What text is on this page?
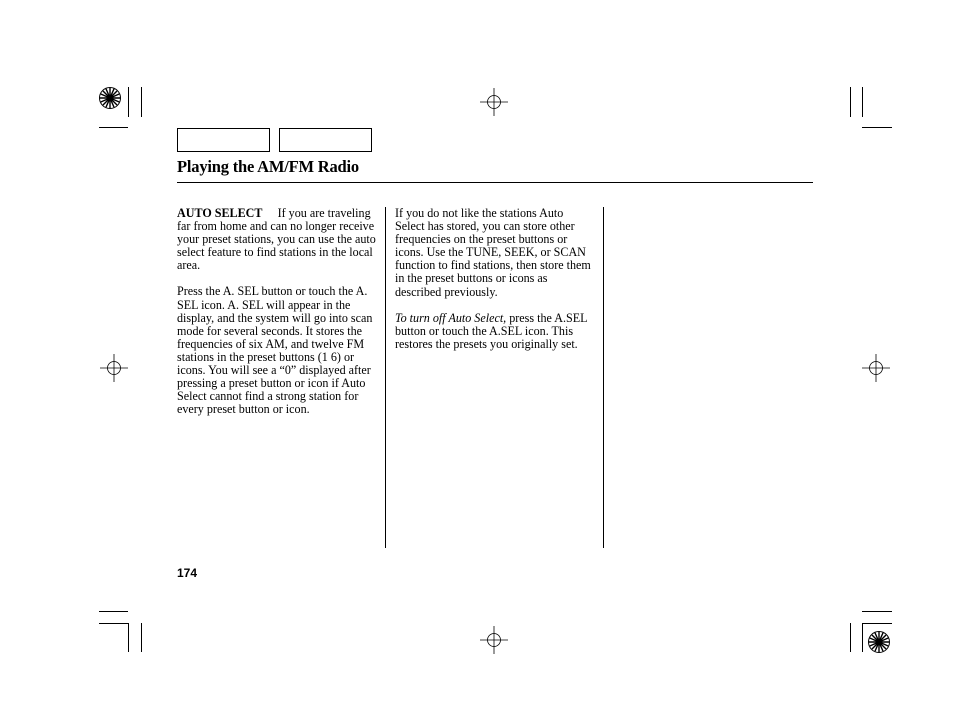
Playing the AM/FM Radio

AUTO SELECT If you are traveling far from home and can no longer receive your preset stations, you can use the auto select feature to find stations in the local area.

Press the A. SEL button or touch the A. SEL icon. A. SEL will appear in the display, and the system will go into scan mode for several seconds. It stores the frequencies of six AM, and twelve FM stations in the preset buttons (1 6) or icons. You will see a “0” displayed after pressing a preset button or icon if Auto Select cannot find a strong station for every preset button or icon.

If you do not like the stations Auto Select has stored, you can store other frequencies on the preset buttons or icons. Use the TUNE, SEEK, or SCAN function to find stations, then store them in the preset buttons or icons as described previously.

To turn off Auto Select, press the A.SEL button or touch the A.SEL icon. This restores the presets you originally set.

174
